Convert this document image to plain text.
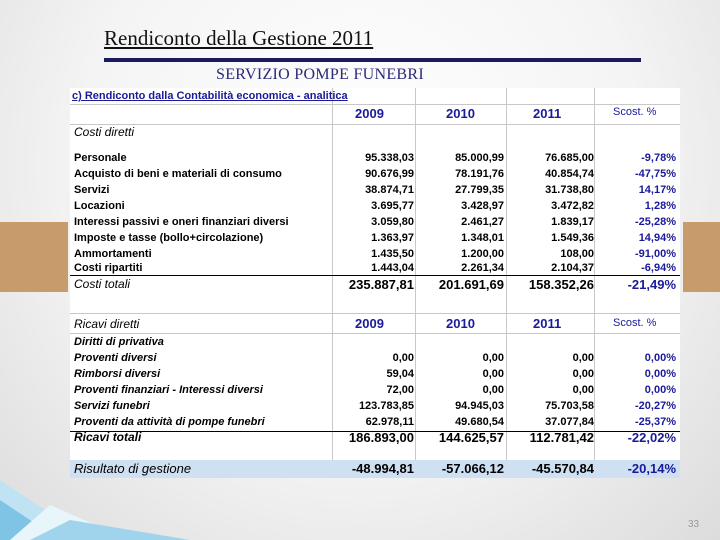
Rendiconto della Gestione 2011
SERVIZIO POMPE FUNEBRI
c) Rendiconto dalla Contabilità economica - analitica
2009	2010	2011	Scost. %
Costi diretti
Personale	95.338,03	85.000,99	76.685,00	-9,78%
Acquisto di beni e materiali di consumo	90.676,99	78.191,76	40.854,74	-47,75%
Servizi	38.874,71	27.799,35	31.738,80	14,17%
Locazioni	3.695,77	3.428,97	3.472,82	1,28%
Interessi passivi e oneri finanziari diversi	3.059,80	2.461,27	1.839,17	-25,28%
Imposte e tasse (bollo+circolazione)	1.363,97	1.348,01	1.549,36	14,94%
Ammortamenti	1.435,50	1.200,00	108,00	-91,00%
Costi ripartiti	1.443,04	2.261,34	2.104,37	-6,94%
Costi totali	235.887,81 201.691,69 158.352,26	-21,49%
Ricavi diretti	2009	2010	2011	Scost. %
Diritti di privativa
Proventi diversi	0,00	0,00	0,00	0,00%
Rimborsi diversi	59,04	0,00	0,00	0,00%
Proventi finanziari - Interessi diversi	72,00	0,00	0,00	0,00%
Servizi funebri	123.783,85	94.945,03	75.703,58	-20,27%
Proventi da attività di pompe funebri	62.978,11	49.680,54	37.077,84	-25,37%
Ricavi totali	186.893,00 144.625,57 112.781,42	-22,02%
Risultato di gestione	-48.994,81 -57.066,12 -45.570,84	-20,14%
33
